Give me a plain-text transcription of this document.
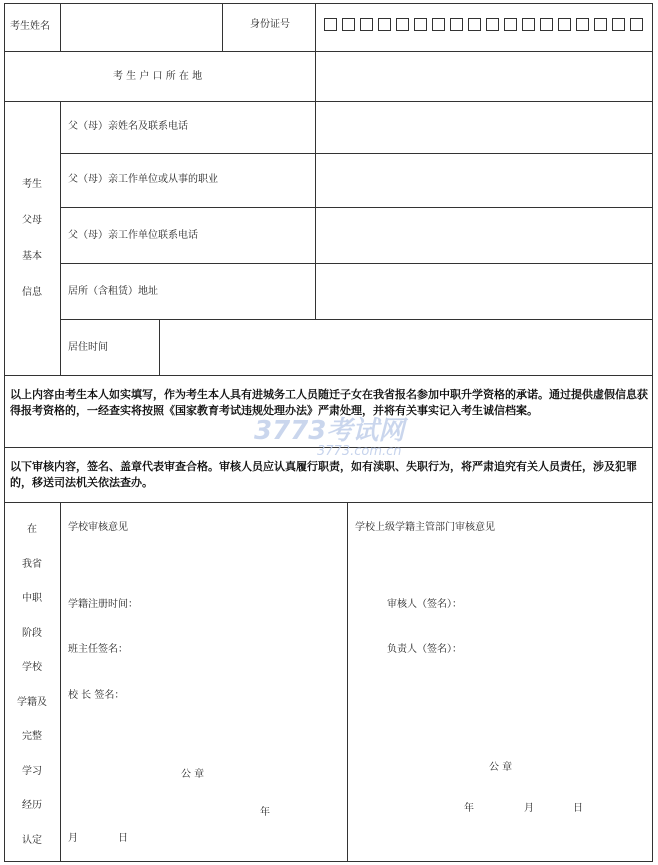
考生姓名	身份证号
考 生 户 口 所 在 地
考生
父母
基本
信息
父（母）亲姓名及联系电话
父（母）亲工作单位或从事的职业
父（母）亲工作单位联系电话
居所（含租赁）地址
居住时间
以上内容由考生本人如实填写，作为考生本人具有进城务工人员随迁子女在我省报名参加中职升学资格的承诺。通过提供虚假信息获得报考资格的，一经查实将按照《国家教育考试违规处理办法》严肃处理，并将有关事实记入考生诚信档案。
以下审核内容，签名、盖章代表审查合格。审核人员应认真履行职责，如有渎职、失职行为，将严肃追究有关人员责任，涉及犯罪的，移送司法机关依法查办。
在
我省
中职
阶段
学校
学籍及
完整
学习
经历
认定
学校审核意见
学籍注册时间：
班主任签名：
校 长 签名：
公 章
年
月	日
学校上级学籍主管部门审核意见
审核人（签名）：
负责人（签名）：
公 章
年	月	日
3773考试网
3773.com.cn
